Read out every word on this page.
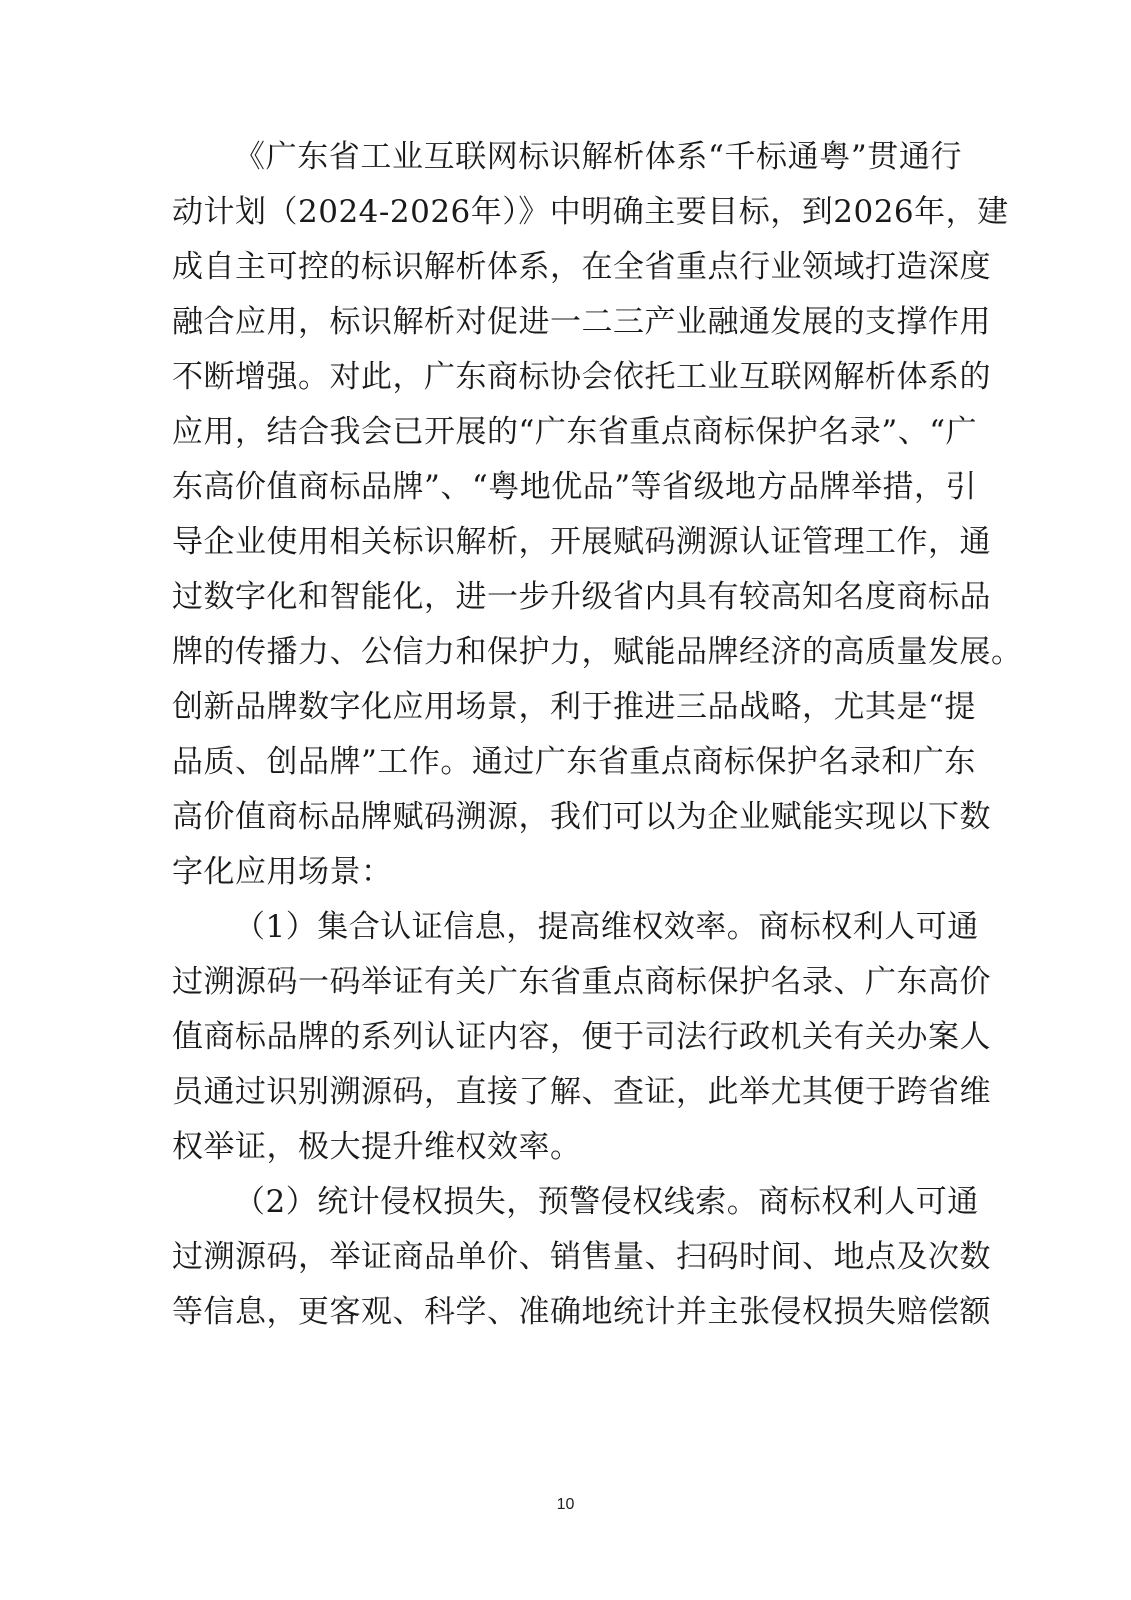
《广东省工业互联网标识解析体系“千标通粤”贯通行
动计划（2024-2026年）》中明确主要目标，到2026年，建
成自主可控的标识解析体系，在全省重点行业领域打造深度
融合应用，标识解析对促进一二三产业融通发展的支撑作用
不断增强。对此，广东商标协会依托工业互联网解析体系的
应用，结合我会已开展的“广东省重点商标保护名录”、“广
东高价值商标品牌”、“粤地优品”等省级地方品牌举措，引
导企业使用相关标识解析，开展赋码溯源认证管理工作，通
过数字化和智能化，进一步升级省内具有较高知名度商标品
牌的传播力、公信力和保护力，赋能品牌经济的高质量发展。
创新品牌数字化应用场景，利于推进三品战略，尤其是“提
品质、创品牌”工作。通过广东省重点商标保护名录和广东
高价值商标品牌赋码溯源，我们可以为企业赋能实现以下数
字化应用场景：

（1）集合认证信息，提高维权效率。商标权利人可通
过溯源码一码举证有关广东省重点商标保护名录、广东高价
值商标品牌的系列认证内容，便于司法行政机关有关办案人
员通过识别溯源码，直接了解、查证，此举尤其便于跨省维
权举证，极大提升维权效率。

（2）统计侵权损失，预警侵权线索。商标权利人可通
过溯源码，举证商品单价、销售量、扫码时间、地点及次数
等信息，更客观、科学、准确地统计并主张侵权损失赔偿额

10
